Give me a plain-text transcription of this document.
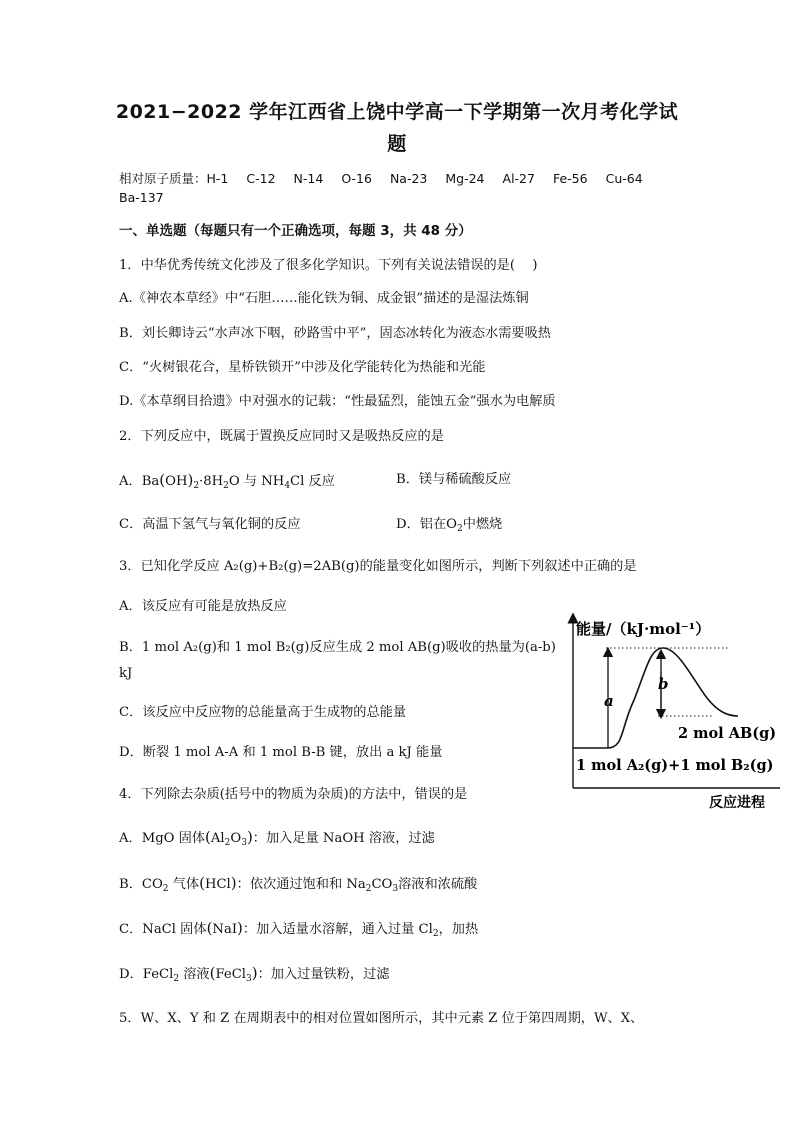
2021−2022 学年江西省上饶中学高一下学期第一次月考化学试
题
相对原子质量：H-1 C-12 N-14 O-16 Na-23 Mg-24 Al-27 Fe-56 Cu-64
Ba-137
一、单选题（每题只有一个正确选项，每题 3，共 48 分）
1．中华优秀传统文化涉及了很多化学知识。下列有关说法错误的是(　 )
A.《神农本草经》中“石胆……能化铁为铜、成金银”描述的是湿法炼铜
B．刘长卿诗云“水声冰下咽，砂路雪中平”，固态冰转化为液态水需要吸热
C．“火树银花合，星桥铁锁开”中涉及化学能转化为热能和光能
D.《本草纲目拾遗》中对强水的记载：“性最猛烈，能蚀五金”强水为电解质
2．下列反应中，既属于置换反应同时又是吸热反应的是
A．$Ba(OH)_2\cdot 8H_2O$ 与 $NH_4Cl$ 反应	B．镁与稀硫酸反应
C．高温下氢气与氧化铜的反应	D．铝在$O_2$中燃烧
3．已知化学反应 A₂(g)+B₂(g)=2AB(g)的能量变化如图所示，判断下列叙述中正确的是
A．该反应有可能是放热反应
B．1 mol A₂(g)和 1 mol B₂(g)反应生成 2 mol AB(g)吸收的热量为(a-b)
kJ
C．该反应中反应物的总能量高于生成物的总能量
D．断裂 1 mol A-A 和 1 mol B-B 键，放出 a kJ 能量
能量/（kJ·mol⁻¹）
反应进程
a
b
2 mol AB(g)
1 mol A₂(g)+1 mol B₂(g)
4．下列除去杂质(括号中的物质为杂质)的方法中，错误的是
A．MgO 固体$(Al_2O_3)$：加入足量 NaOH 溶液，过滤
B．$CO_2$ 气体(HCl)：依次通过饱和和 $Na_2CO_3$溶液和浓硫酸
C．NaCl 固体(NaI)：加入适量水溶解，通入过量 $Cl_2$，加热
D．FeCl$_2$ 溶液(FeCl$_3$)：加入过量铁粉，过滤
5．W、X、Y 和 Z 在周期表中的相对位置如图所示，其中元素 Z 位于第四周期，W、X、
